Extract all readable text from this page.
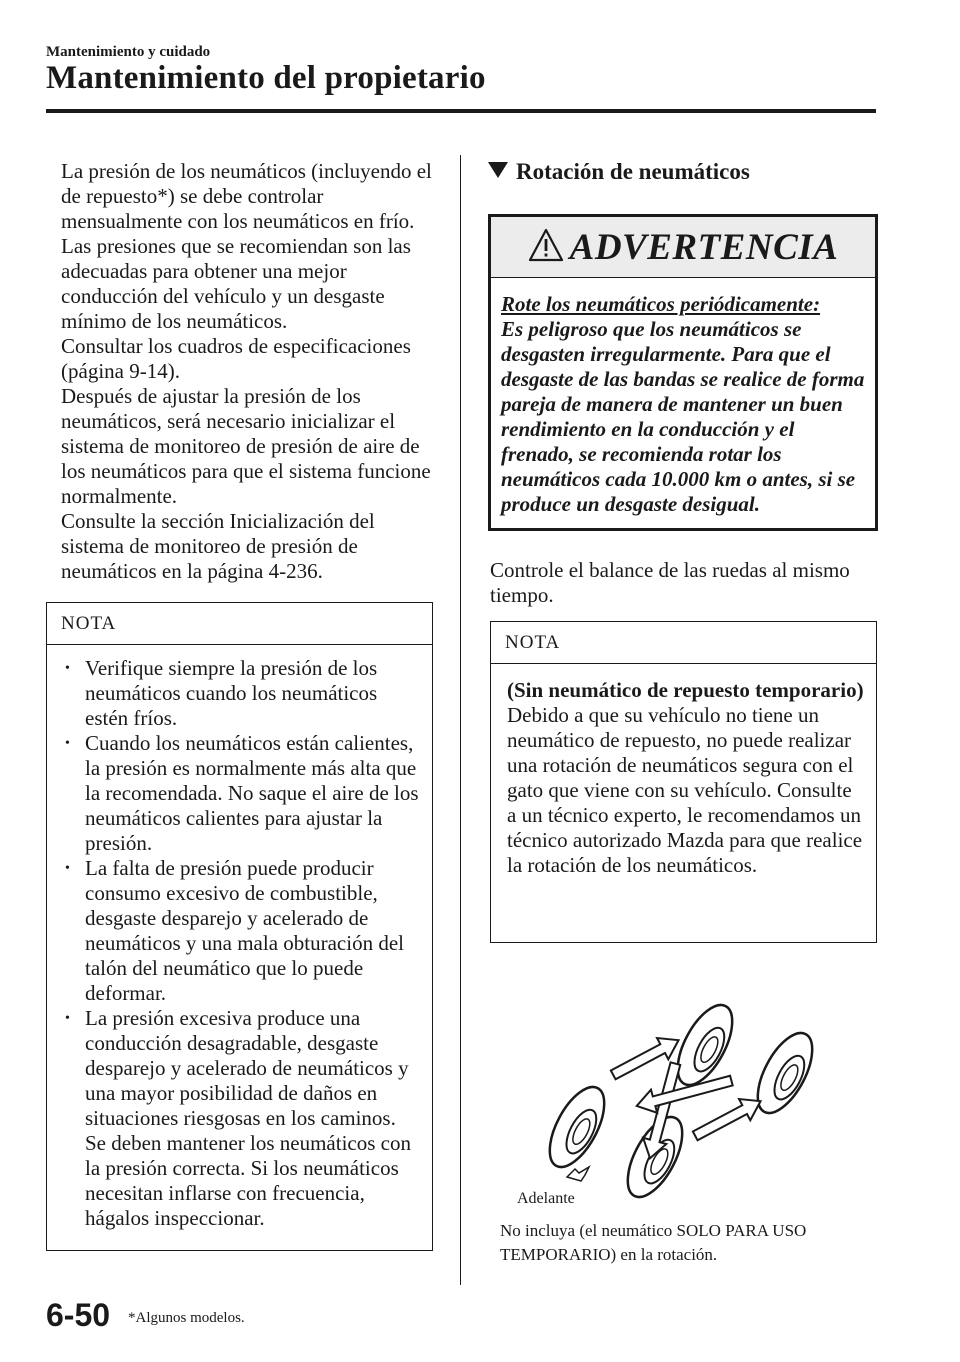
Mantenimiento y cuidado
Mantenimiento del propietario

La presión de los neumáticos (incluyendo el de repuesto*) se debe controlar mensualmente con los neumáticos en frío. Las presiones que se recomiendan son las adecuadas para obtener una mejor conducción del vehículo y un desgaste mínimo de los neumáticos.

Consultar los cuadros de especificaciones (página 9-14).

Después de ajustar la presión de los neumáticos, será necesario inicializar el sistema de monitoreo de presión de aire de los neumáticos para que el sistema funcione normalmente.

Consulte la sección Inicialización del sistema de monitoreo de presión de neumáticos en la página 4-236.

NOTA
• Verifique siempre la presión de los neumáticos cuando los neumáticos estén fríos.
• Cuando los neumáticos están calientes, la presión es normalmente más alta que la recomendada. No saque el aire de los neumáticos calientes para ajustar la presión.
• La falta de presión puede producir consumo excesivo de combustible, desgaste desparejo y acelerado de neumáticos y una mala obturación del talón del neumático que lo puede deformar.
• La presión excesiva produce una conducción desagradable, desgaste desparejo y acelerado de neumáticos y una mayor posibilidad de daños en situaciones riesgosas en los caminos. Se deben mantener los neumáticos con la presión correcta. Si los neumáticos necesitan inflarse con frecuencia, hágalos inspeccionar.
Rotación de neumáticos
ADVERTENCIA
Rote los neumáticos periódicamente:
Es peligroso que los neumáticos se desgasten irregularmente. Para que el desgaste de las bandas se realice de forma pareja de manera de mantener un buen rendimiento en la conducción y el frenado, se recomienda rotar los neumáticos cada 10.000 km o antes, si se produce un desgaste desigual.
Controle el balance de las ruedas al mismo tiempo.
NOTA
(Sin neumático de repuesto temporario)
Debido a que su vehículo no tiene un neumático de repuesto, no puede realizar una rotación de neumáticos segura con el gato que viene con su vehículo. Consulte a un técnico experto, le recomendamos un técnico autorizado Mazda para que realice la rotación de los neumáticos.
Adelante
No incluya (el neumático SOLO PARA USO TEMPORARIO) en la rotación.
6-50 *Algunos modelos.
